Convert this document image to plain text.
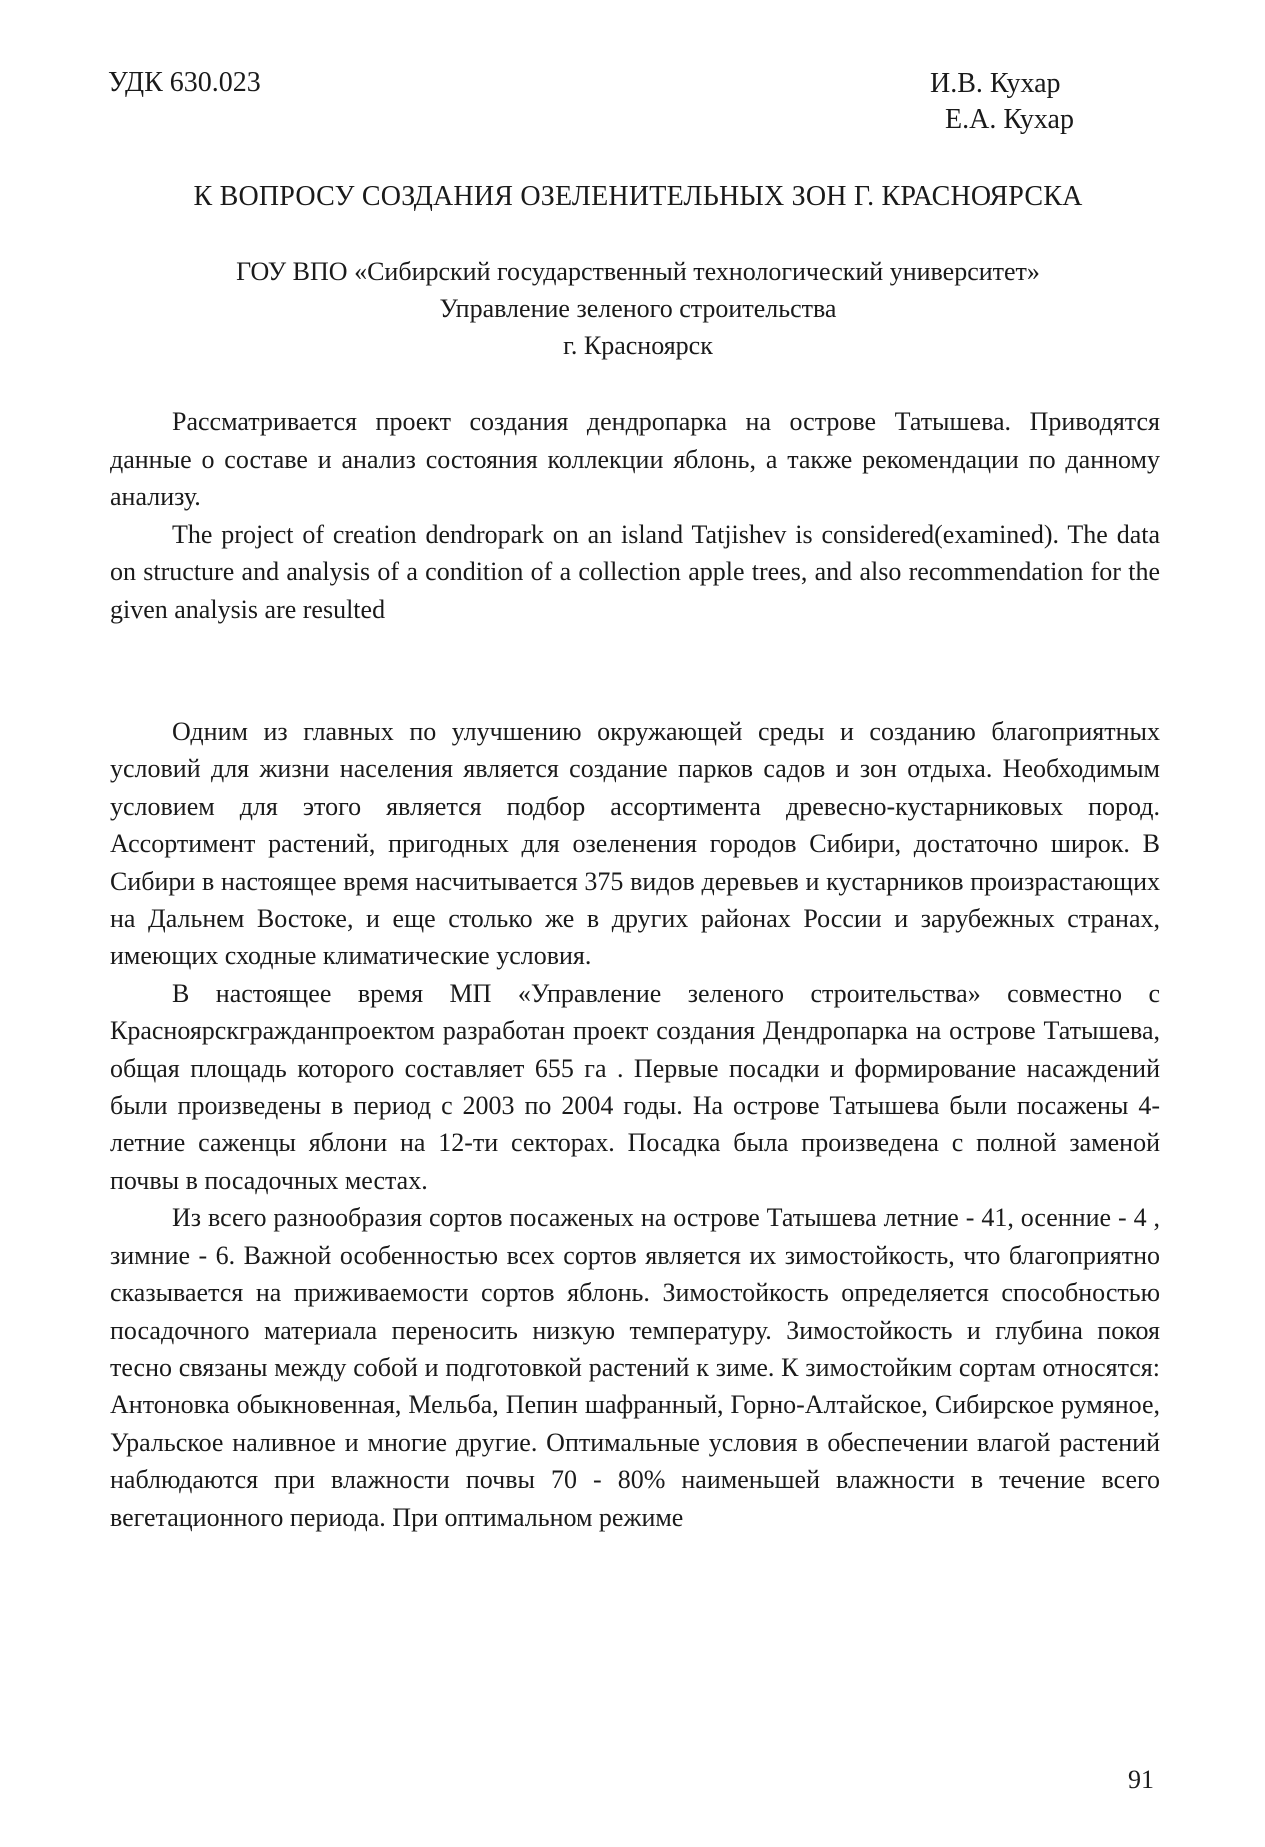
УДК 630.023	И.В. Кухар
Е.А. Кухар
К ВОПРОСУ СОЗДАНИЯ ОЗЕЛЕНИТЕЛЬНЫХ ЗОН Г. КРАСНОЯРСКА
ГОУ ВПО «Сибирский государственный технологический университет»
Управление зеленого строительства
г. Красноярск

Рассматривается проект создания дендропарка на острове Татышева. Приводятся данные о составе и анализ состояния коллекции яблонь, а также рекомендации по данному анализу.

The project of creation dendropark on an island Tatjishev is considered(examined). The data on structure and analysis of a condition of a collection apple trees, and also recommendation for the given analysis are resulted

Одним из главных по улучшению окружающей среды и созданию благоприятных условий для жизни населения является создание парков садов и зон отдыха. Необходимым условием для этого является подбор ассортимента древесно-кустарниковых пород. Ассортимент растений, пригодных для озеленения городов Сибири, достаточно широк. В Сибири в настоящее время насчитывается 375 видов деревьев и кустарников произрастающих на Дальнем Востоке, и еще столько же в других районах России и зарубежных странах, имеющих сходные климатические условия.

В настоящее время МП «Управление зеленого строительства» совместно с Красноярскгражданпроектом разработан проект создания Дендропарка на острове Татышева, общая площадь которого составляет 655 га . Первые посадки и формирование насаждений были произведены в период с 2003 по 2004 годы. На острове Татышева были посажены 4-летние саженцы яблони на 12-ти секторах. Посадка была произведена с полной заменой почвы в посадочных местах.

Из всего разнообразия сортов посаженых на острове Татышева летние - 41, осенние - 4 , зимние - 6. Важной особенностью всех сортов является их зимостойкость, что благоприятно сказывается на приживаемости сортов яблонь. Зимостойкость определяется способностью посадочного материала переносить низкую температуру. Зимостойкость и глубина покоя тесно связаны между собой и подготовкой растений к зиме. К зимостойким сортам относятся: Антоновка обыкновенная, Мельба, Пепин шафранный, Горно-Алтайское, Сибирское румяное, Уральское наливное и многие другие. Оптимальные условия в обеспечении влагой растений наблюдаются при влажности почвы 70 - 80% наименьшей влажности в течение всего вегетационного периода. При оптимальном режиме

91
